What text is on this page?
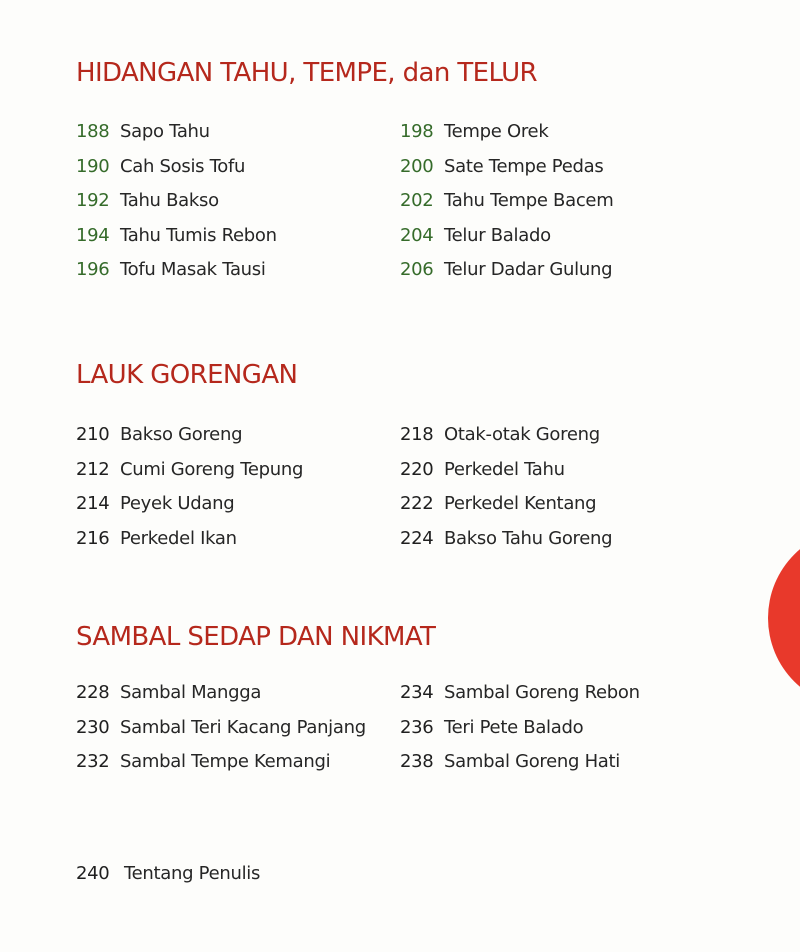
HIDANGAN TAHU, TEMPE, dan TELUR
188 Sapo Tahu
190 Cah Sosis Tofu
192 Tahu Bakso
194 Tahu Tumis Rebon
196 Tofu Masak Tausi
198 Tempe Orek
200 Sate Tempe Pedas
202 Tahu Tempe Bacem
204 Telur Balado
206 Telur Dadar Gulung
LAUK GORENGAN
210 Bakso Goreng
212 Cumi Goreng Tepung
214 Peyek Udang
216 Perkedel Ikan
218 Otak-otak Goreng
220 Perkedel Tahu
222 Perkedel Kentang
224 Bakso Tahu Goreng
SAMBAL SEDAP DAN NIKMAT
228 Sambal Mangga
230 Sambal Teri Kacang Panjang
232 Sambal Tempe Kemangi
234 Sambal Goreng Rebon
236 Teri Pete Balado
238 Sambal Goreng Hati
240 Tentang Penulis
